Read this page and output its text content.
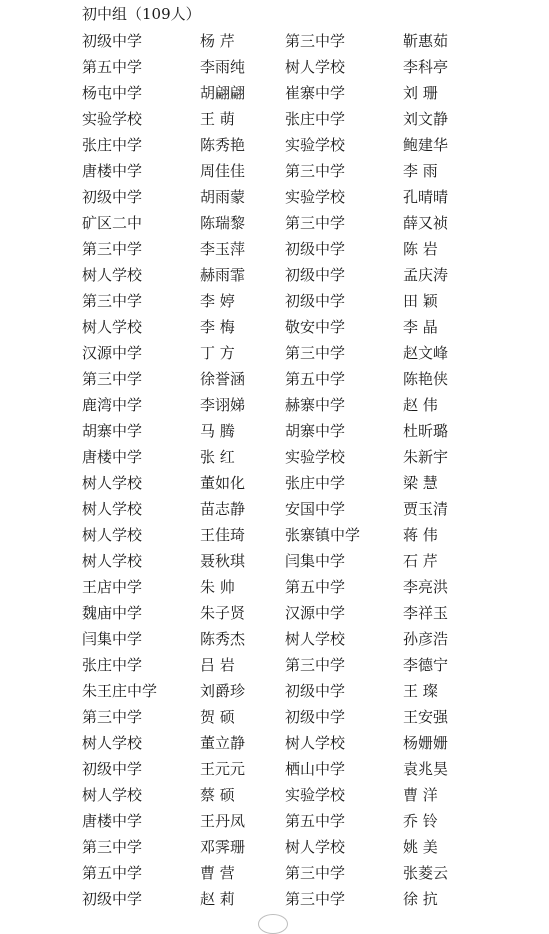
初中组（109人）
初级中学	杨 芹	第三中学	靳惠茹
第五中学	李雨纯	树人学校	李科亭
杨屯中学	胡翩翩	崔寨中学	刘 珊
实验学校	王 萌	张庄中学	刘文静
张庄中学	陈秀艳	实验学校	鲍建华
唐楼中学	周佳佳	第三中学	李 雨
初级中学	胡雨蒙	实验学校	孔晴晴
矿区二中	陈瑞黎	第三中学	薛又祯
第三中学	李玉萍	初级中学	陈 岩
树人学校	赫雨霏	初级中学	孟庆涛
第三中学	李 婷	初级中学	田 颖
树人学校	李 梅	敬安中学	李 晶
汉源中学	丁 方	第三中学	赵文峰
第三中学	徐誉涵	第五中学	陈艳侠
鹿湾中学	李诩娣	赫寨中学	赵 伟
胡寨中学	马 腾	胡寨中学	杜昕璐
唐楼中学	张 红	实验学校	朱新宇
树人学校	董如化	张庄中学	梁 慧
树人学校	苗志静	安国中学	贾玉清
树人学校	王佳琦	张寨镇中学	蒋 伟
树人学校	聂秋琪	闫集中学	石 芹
王店中学	朱 帅	第五中学	李亮洪
魏庙中学	朱子贤	汉源中学	李祥玉
闫集中学	陈秀杰	树人学校	孙彦浩
张庄中学	吕 岩	第三中学	李德宁
朱王庄中学	刘爵珍	初级中学	王 璨
第三中学	贺 硕	初级中学	王安强
树人学校	董立静	树人学校	杨姗姗
初级中学	王元元	栖山中学	袁兆昊
树人学校	蔡 硕	实验学校	曹 洋
唐楼中学	王丹凤	第五中学	乔 铃
第三中学	邓霁珊	树人学校	姚 美
第五中学	曹 营	第三中学	张菱云
初级中学	赵 莉	第三中学	徐 抗
